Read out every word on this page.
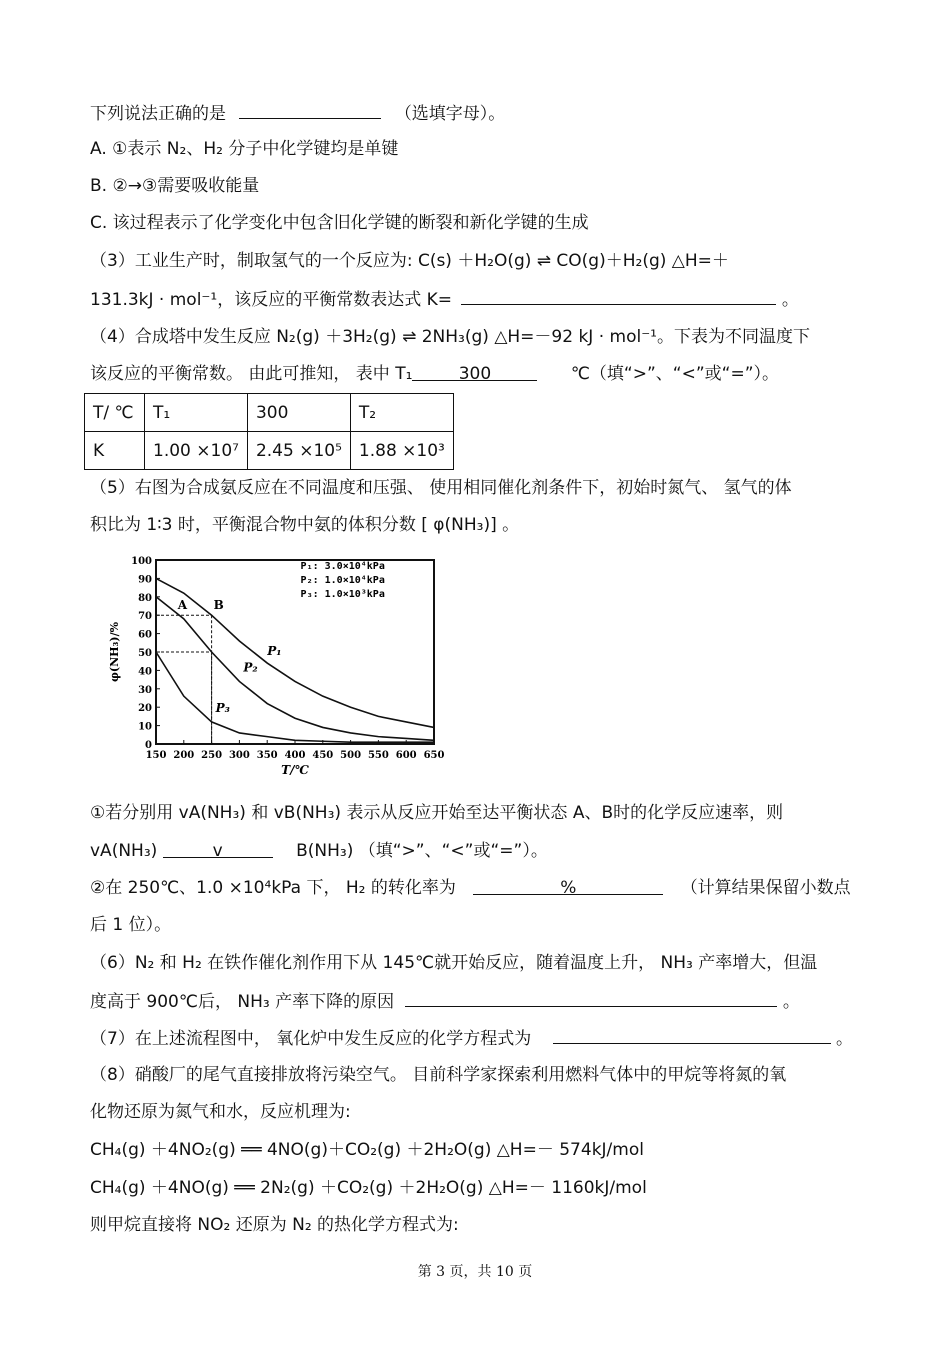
下列说法正确的是	（选填字母）。
A. ①表示 N₂、H₂ 分子中化学键均是单键
B. ②→③需要吸收能量
C. 该过程表示了化学变化中包含旧化学键的断裂和新化学键的生成
（3）工业生产时，制取氢气的一个反应为: C(s) ＋H₂O(g) ⇌ CO(g)＋H₂(g) △H=＋
131.3kJ · mol⁻¹，该反应的平衡常数表达式 K=	。
（4）合成塔中发生反应 N₂(g) ＋3H₂(g) ⇌ 2NH₃(g) △H=－92 kJ · mol⁻¹。下表为不同温度下
该反应的平衡常数。 由此可推知， 表中 T₁	300	℃（填“>”、“<”或“=”）。
T/ ℃	T₁	300	T₂
K	1.00 ×10⁷	2.45 ×10⁵	1.88 ×10³
（5）右图为合成氨反应在不同温度和压强、 使用相同催化剂条件下，初始时氮气、 氢气的体
积比为 1∶3 时，平衡混合物中氨的体积分数 [ φ(NH₃)] 。
150 200 250 300 350 400 450 500 550 600 650
0
10
20
30
40
50
60
70
80
90
100
T/℃
φ(NH₃)/%	P₁
P₂
P₃
A B
P₁: 3.0×10⁴kPa
P₂: 1.0×10⁴kPa
P₃: 1.0×10³kPa
①若分别用 vA(NH₃) 和 vB(NH₃) 表示从反应开始至达平衡状态 A、B时的化学反应速率，则
vA(NH₃)	v	B(NH₃) （填“>”、“<”或“=”）。
②在 250℃、1.0 ×10⁴kPa 下， H₂ 的转化率为	%	（计算结果保留小数点
后 1 位）。
（6）N₂ 和 H₂ 在铁作催化剂作用下从 145℃就开始反应，随着温度上升， NH₃ 产率增大，但温
度高于 900℃后， NH₃ 产率下降的原因	。
（7）在上述流程图中， 氧化炉中发生反应的化学方程式为	。
（8）硝酸厂的尾气直接排放将污染空气。 目前科学家探索利用燃料气体中的甲烷等将氮的氧
化物还原为氮气和水，反应机理为:
CH₄(g) ＋4NO₂(g) ══ 4NO(g)＋CO₂(g) ＋2H₂O(g) △H=－ 574kJ/mol
CH₄(g) ＋4NO(g) ══ 2N₂(g) ＋CO₂(g) ＋2H₂O(g) △H=－ 1160kJ/mol
则甲烷直接将 NO₂ 还原为 N₂ 的热化学方程式为:
第 3 页，共 10 页
